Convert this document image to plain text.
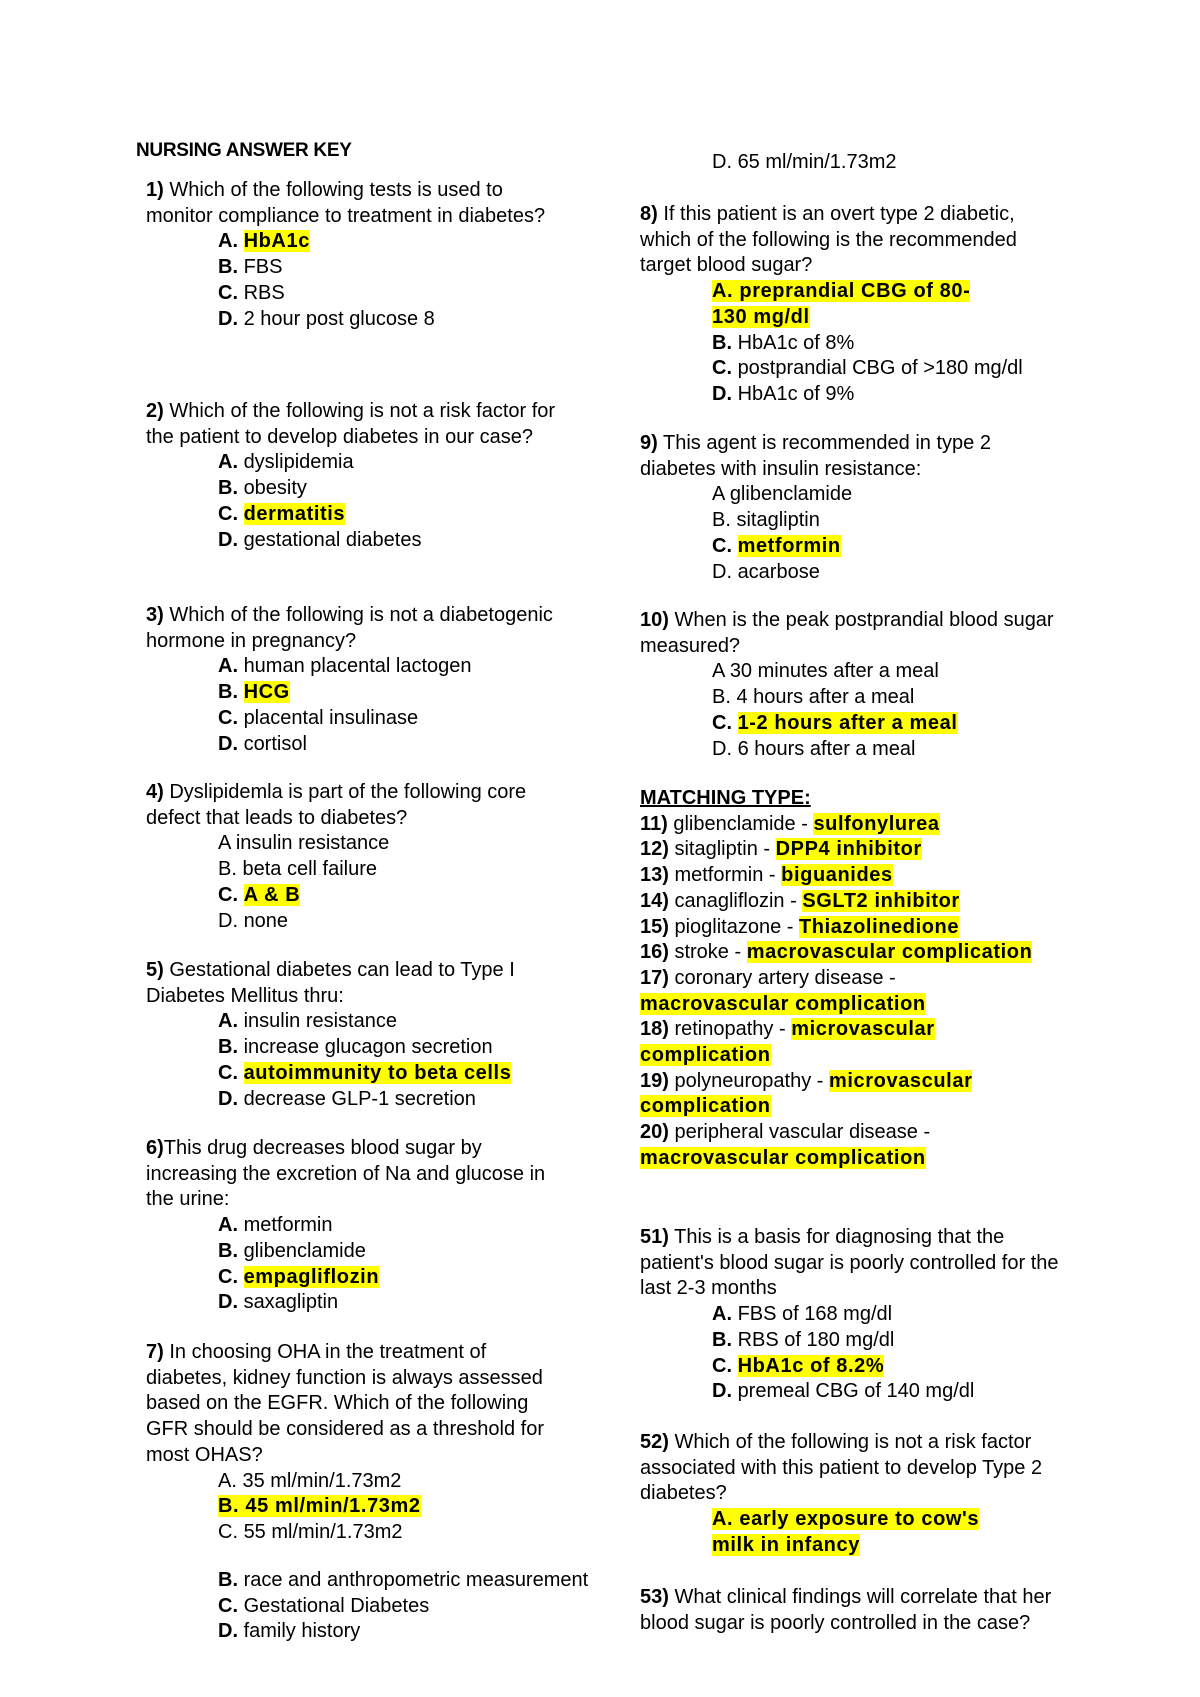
NURSING ANSWER KEY

1) Which of the following tests is used to monitor compliance to treatment in diabetes?

A. HbA1c

B. FBS

C. RBS

D. 2 hour post glucose 8

2) Which of the following is not a risk factor for the patient to develop diabetes in our case?

A. dyslipidemia

B. obesity

C. dermatitis

D. gestational diabetes

3) Which of the following is not a diabetogenic hormone in pregnancy?

A. human placental lactogen

B. HCG

C. placental insulinase

D. cortisol

4) Dyslipidemla is part of the following core defect that leads to diabetes?

A insulin resistance

B. beta cell failure

C. A & B

D. none

5) Gestational diabetes can lead to Type I Diabetes Mellitus thru:

A. insulin resistance

B. increase glucagon secretion

C. autoimmunity to beta cells

D. decrease GLP-1 secretion

6)This drug decreases blood sugar by increasing the excretion of Na and glucose in the urine:

A. metformin

B. glibenclamide

C. empagliflozin

D. saxagliptin

7) In choosing OHA in the treatment of diabetes, kidney function is always assessed based on the EGFR. Which of the following GFR should be considered as a threshold for most OHAS?

A. 35 ml/min/1.73m2

B. 45 ml/min/1.73m2

C. 55 ml/min/1.73m2

D. 65 ml/min/1.73m2

B. race and anthropometric measurement

C. Gestational Diabetes

D. family history

8) If this patient is an overt type 2 diabetic, which of the following is the recommended target blood sugar?

A. preprandial CBG of 80-130 mg/dl

B. HbA1c of 8%

C. postprandial CBG of >180 mg/dl

D. HbA1c of 9%

9) This agent is recommended in type 2 diabetes with insulin resistance:

A glibenclamide

B. sitagliptin

C. metformin

D. acarbose

10) When is the peak postprandial blood sugar measured?

A 30 minutes after a meal

B. 4 hours after a meal

C. 1-2 hours after a meal

D. 6 hours after a meal

MATCHING TYPE:

11) glibenclamide - sulfonylurea

12) sitagliptin - DPP4 inhibitor

13) metformin - biguanides

14) canagliflozin - SGLT2 inhibitor

15) pioglitazone - Thiazolinedione

16) stroke - macrovascular complication

17) coronary artery disease -
macrovascular complication

18) retinopathy - microvascular complication

19) polyneuropathy - microvascular complication

20) peripheral vascular disease -
macrovascular complication

51) This is a basis for diagnosing that the patient's blood sugar is poorly controlled for the last 2-3 months

A. FBS of 168 mg/dl

B. RBS of 180 mg/dl

C. HbA1c of 8.2%

D. premeal CBG of 140 mg/dl

52) Which of the following is not a risk factor associated with this patient to develop Type 2 diabetes?

A. early exposure to cow's milk in infancy

53) What clinical findings will correlate that her blood sugar is poorly controlled in the case?
